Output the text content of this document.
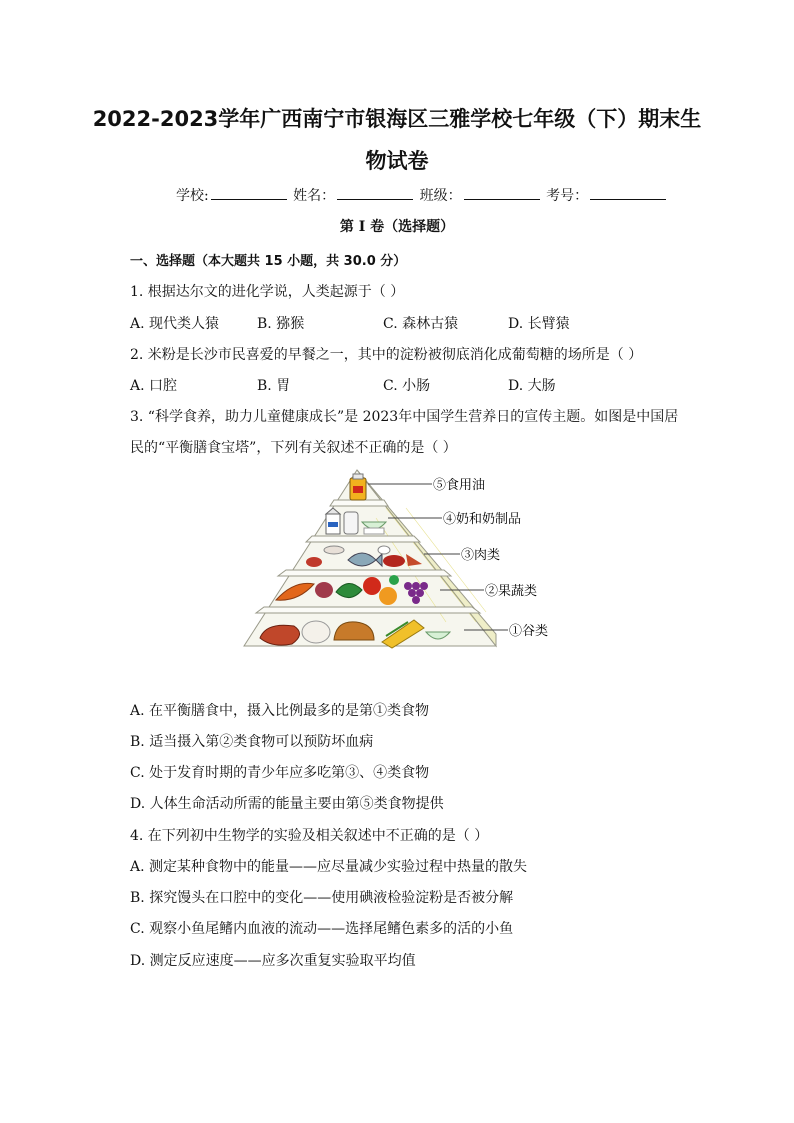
2022-2023学年广西南宁市银海区三雅学校七年级（下）期末生
物试卷
学校:	姓名：	班级：	考号：
第 I 卷（选择题）
一、选择题（本大题共 15 小题，共 30.0 分）
1. 根据达尔文的进化学说，人类起源于（ ）
A. 现代类人猿	B. 猕猴	C. 森林古猿	D. 长臂猿
2. 米粉是长沙市民喜爱的早餐之一，其中的淀粉被彻底消化成葡萄糖的场所是（ ）
A. 口腔	B. 胃	C. 小肠	D. 大肠
3. “科学食养，助力儿童健康成长”是 2023年中国学生营养日的宣传主题。如图是中国居
民的“平衡膳食宝塔”，下列有关叙述不正确的是（ ）
⑤食用油
④奶和奶制品
③肉类
②果蔬类
①谷类
A. 在平衡膳食中，摄入比例最多的是第①类食物
B. 适当摄入第②类食物可以预防坏血病
C. 处于发育时期的青少年应多吃第③、④类食物
D. 人体生命活动所需的能量主要由第⑤类食物提供
4. 在下列初中生物学的实验及相关叙述中不正确的是（ ）
A. 测定某种食物中的能量——应尽量减少实验过程中热量的散失
B. 探究馒头在口腔中的变化——使用碘液检验淀粉是否被分解
C. 观察小鱼尾鳍内血液的流动——选择尾鳍色素多的活的小鱼
D. 测定反应速度——应多次重复实验取平均值
